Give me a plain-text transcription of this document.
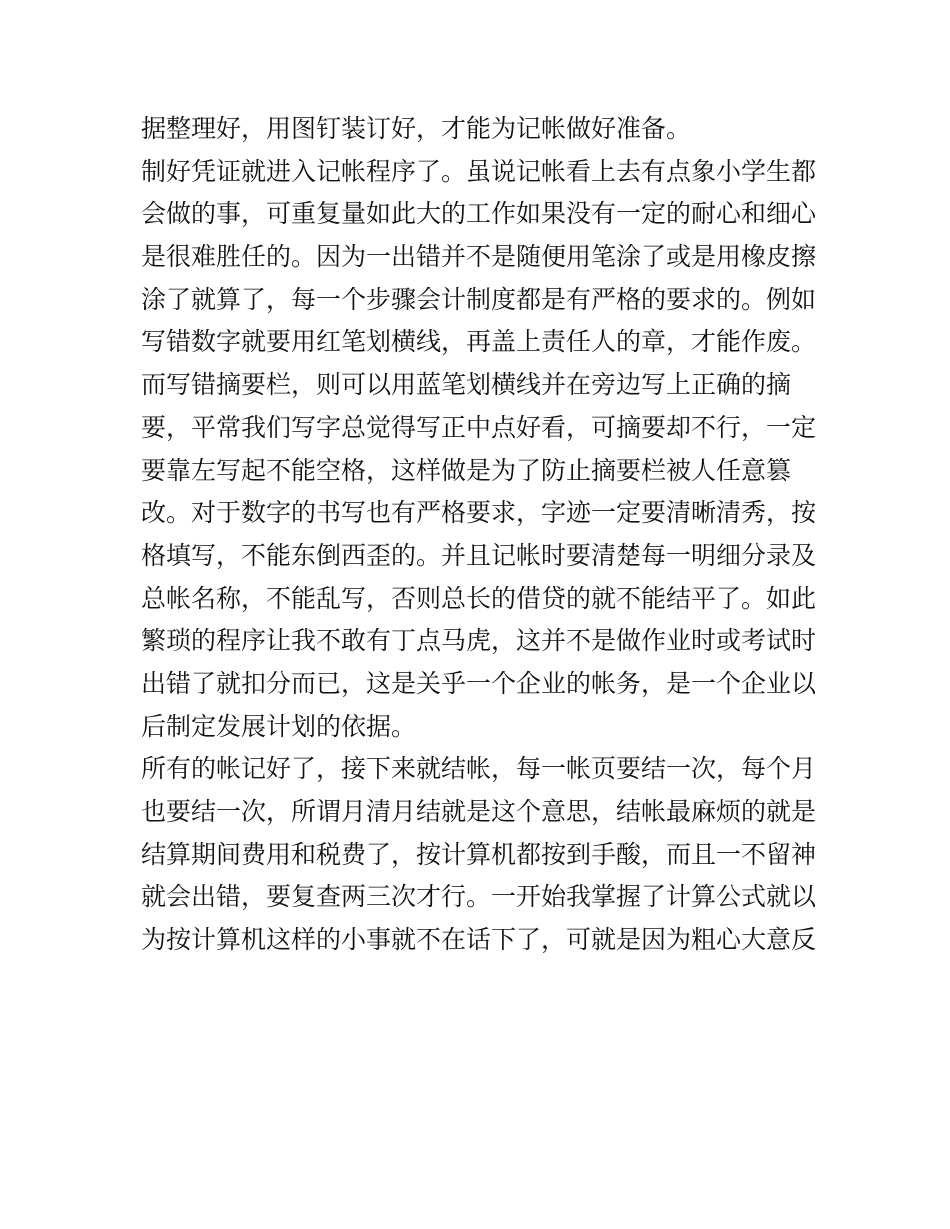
据整理好，用图钉装订好，才能为记帐做好准备。
制好凭证就进入记帐程序了。虽说记帐看上去有点象小学生都
会做的事，可重复量如此大的工作如果没有一定的耐心和细心
是很难胜任的。因为一出错并不是随便用笔涂了或是用橡皮擦
涂了就算了，每一个步骤会计制度都是有严格的要求的。例如
写错数字就要用红笔划横线，再盖上责任人的章，才能作废。
而写错摘要栏，则可以用蓝笔划横线并在旁边写上正确的摘
要，平常我们写字总觉得写正中点好看，可摘要却不行，一定
要靠左写起不能空格，这样做是为了防止摘要栏被人任意篡
改。对于数字的书写也有严格要求，字迹一定要清晰清秀，按
格填写，不能东倒西歪的。并且记帐时要清楚每一明细分录及
总帐名称，不能乱写，否则总长的借贷的就不能结平了。如此
繁琐的程序让我不敢有丁点马虎，这并不是做作业时或考试时
出错了就扣分而已，这是关乎一个企业的帐务，是一个企业以
后制定发展计划的依据。
所有的帐记好了，接下来就结帐，每一帐页要结一次，每个月
也要结一次，所谓月清月结就是这个意思，结帐最麻烦的就是
结算期间费用和税费了，按计算机都按到手酸，而且一不留神
就会出错，要复查两三次才行。一开始我掌握了计算公式就以
为按计算机这样的小事就不在话下了，可就是因为粗心大意反
